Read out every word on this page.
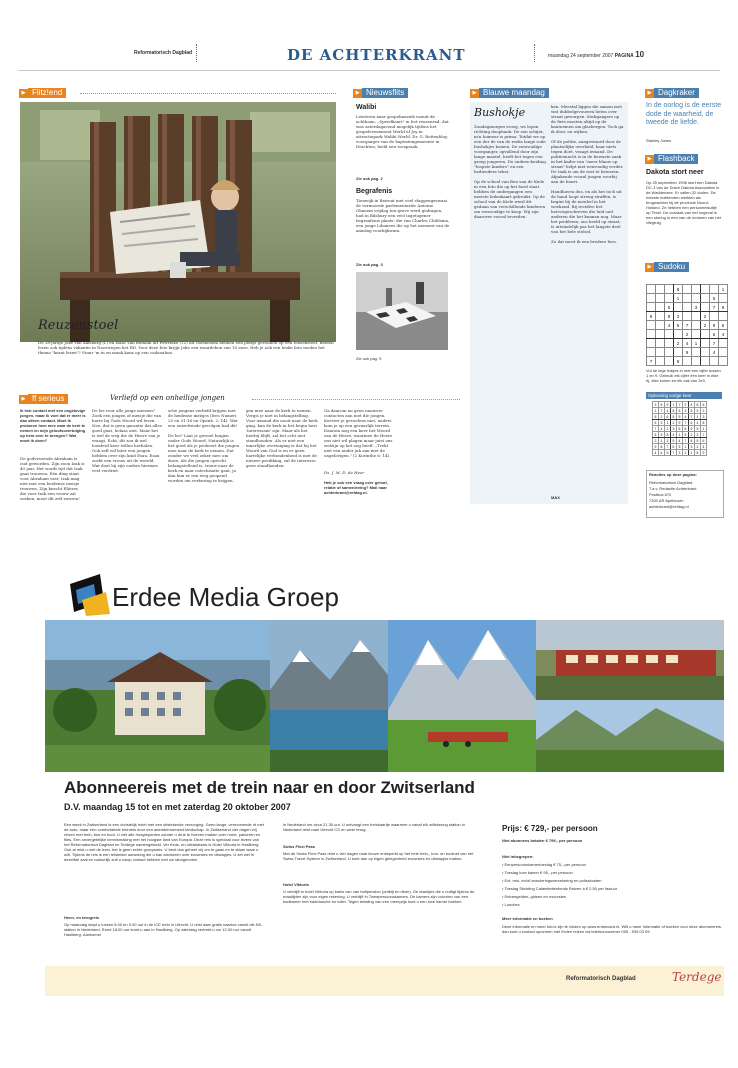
Reformatorisch Dagblad	DE ACHTERKRANT	maandag 24 september 2007 PAGINA 10
▶ Flitz!end
Reuzenstoel
De 18-jarige Joke van Aalsburg (l.) en Isaac van Beinum uit Petrrieke (12) uit Gorinchem hebben een plekje gevonden op een reusenstoel. Beiden lezen ook tijdens vakantie in Noorwegen het RD. Voor deze foto krijgt Joke een waardebon van 10 euro. Heb je ook een leuke foto moden het thema "krant lezen"? Stuur 'm in en maak kans op een cadeaubon.
▶ Nieuwsflits
Walibi
Leisteren naar gospelmuziek vanuit de achtbaan. „Speedkaart" in het reuzenrad, dat was zaterdagavond mogelijk tijdens het gospelevenement World of Joy in attractiepark Walibi World. Dr. G. Bottenblay, voorganger van de baptistengemeente in Drachten, hield een toespraak.
Zie ook pag. 2
Begrafenis
Tienwijk in Beirout met veel vlaggengeswaai de vermoorde parlementariër Antoine Ghanem vrijdag ten grave werd gedragen, had in Bilsbury een veel ingetogener begraafenis plaats: die van Charles Childsina, een jonge Libanees die op het moment van de aanslag voorbijkwam.
Zie ook pag. 3
Zie ook pag. 9
▶ Blauwe maandag
Bushokje
Zondagmorgen vroeg, we lopen richting doopbank. De zon schijnt, m'n humeur is prima. Totdat we op een der de van de reeks lange rode bushokjes komen. De eenvoudige voorganger, opvallend door zijn lange mantel, heeft het tegen een groep jongeren. De onderscheiding "loopste kinders" en een bediendere tekst.

Op de school van Ben van de Kiele in een foto die op het bord staat hebben de ondergangen een meeste ledenkaart gebruikt. Op de school van de Kiele werd dit gedaan van verschillende kinderen om eenvoudige te koop. Wij zijn daarover vooral tevreden.
ken. Meestal liggen die samen met wat dubbelgevouwen lieten over straat geworpen. Kerkgangers op de fiets moeten altijd op de kantnemen om glasbergen. Toch ga ik door, en wijken.

Of de politie, aangestuurd door de plaatselijke overheid, haar niets tegen doet, vraagt iemand. De politiemacht is in de bewuste zaak in het kader van "meer blauw op straat" helpt niet eenvoudig verder. De taak is om de rust te bewaren. Afpakende vooral jongen voorbij aan de buurt.

Handhaven dus, en als het toch uit de hand loopt streng straffen, is begint bij de meubel in het weekend. Bij recidive het hervorgeschreven die luid oud anderen die het kunnen nog. Maar het probleem, ons beeld op straat, is uiteindelijk pas het langste deel van het hele stelsel.

Zo dat moet ik een bredere lees.
MAX
▶ Dagkraker
In de oorlog is de eerste dode de waarheid, de tweede de liefde.
Stanley Jones
▶ Flashback
Dakota stort neer
Op 25 september 1996 stort een Dakota DC-3 van de Dutch Dakota Association in de Waddenzee. Er vallen 32 doden. De meeste inzittenden werkten als brugwachter bij de provincie Noord-Holland. Ze hebben een personeelsuitje op Texel. De oorzaak van het ongeval is een storing in een van de motoren van het vliegtuig.
▶ Sudoku
			8					1
			1				5	
		5			3		7	9
9		8	3			2		
		4	5	7		2	9	6
				2			6	4
			2	4	1		7	
				9			4	
7			8					
Vul de lege hokjes in met een cijfer tussen 1 en 9. Gebruik elk cijfer één keer in elke rij, elke kolom en elk vak van 3x3.
Oplossing vorige keer
3	5	9	1	7	2	4	8	6
1	7	4	8	6	3	5	9	2
8	2	6	5	9	4	7	1	3
5	3	1	2	9	7	6	4	8
7	4	2	3	6	8	9	5	1
6	9	8	4	1	5	2	3	7
2	1	3	9	4	7	8	5	6
9	8	7	6	5	1	3	2	4
4	6	5	7	3	2	1	8	9
Reacties op deze pagina:
Reformatorisch Dagblad
T.a.v. Redactie Achterkrant
Postbus 670
7300 AR Apeldoorn
achterkrant@refdag.nl
▶ ff serieus	Verliefd op een onheilige jongen
Ik heb contact met een ongelovige jongen, maar ik voel dat er meer is dan alleen contact. Moet ik proberen hem mee naar de kerk te nemen en mijn geloofsovertuiging op hem over te brengen? Wat moet ik doen?
De godvrezende Abraham is oud geworden. Zijn zoon Izak is 40 jaar. Het wordt tijd dat Izak gaat trouwen. Eén ding staat voor Abraham vast: Izak mag niet met een heidense meisje trouwen. Zijn knecht Eliëzer, die voor Izak een vrouw zal zoeken, moet dit zelf zweren!
De les voor alle jonge mensen? Zoek een jongen of meisje die van harte bij Gods Woord wil leven. Nee, dat is geen garantie dat alles goed gaat, helaas niet. Maar het is wel de weg die de Heere van je vraagt. Echt, dit zou ik wel honderd keer willen herhalen. Ook zelf wil later een jongen hebben over zijn kind Esau. Esau zoekt een vrouw uit de wereld. Wat doet hij zijn ouders hiermee veel verdriet.
sche jongens verliefd krijgen met de heidense meisjes (lees Numeri 25 en 31:16 en Openb. 2: 14). Wat een ontzettende gevolgen had dit!

De les? Laat je gewoel buigen onder Gods Woord. Natuurlijk is het goed als je probeert die jongen mee naar de kerk te nemen. Dat zonder we veel zeker mee om doen. Als die jongen oprecht belangstellend is, trouw naar de kerk en naar catechisatie gaat, ja dan kun er een weg geopend worden om verkering te krijgen.
gen mee naar de kerk te nemen. Vergis je niet in belangstelling. Voor iemand die nooit naar de kerk ging, kan de kerk in het begin best 'interessant' zijn. Maar als het hierbij blijft, zal het echt niet standhouden. Als er niet een innerlijke overtuiging is dat hij het Woord van God is en er geen hartelijke verbondenheid is met de nieuwe prediking, zal de interesse geen standhouden.
Ga daarom nu geen nauwere contacten aan met die jongen. Koester je gevoelens niet, anders kom je op een gevaarlijk terrein. Daarom nog een keer het Woord van de Heere, waarmee de Heere ons niet wil plagen maar juist ons welzijn op het oog heeft: „Trekt niet een ander juk aan met de ongelovigen." (2 Korinthe 6: 14).
Ds. J. M. D. de Heer
Heb je ook een vraag over geloof, relatie of samenleving? Mail naar achterkrant@refdag.nl.
Erdee Media Groep
Abonneereis met de trein naar en door Zwitserland
D.V. maandag 15 tot en met zaterdag 20 oktober 2007
Een week in Zwitserland is een christelijk hotel met een uitstekende verzorging. Geen lange, vermoeiende rit met de auto, maar een comfortabele treinreis door een ademberoemend landschap. In Zwitserland vier dagen vrij reizen met trein, bus en boot. U ziet alle hoogtepunten zonder u druk te hoeven maken over route, parkeren en files. Een onvergetelijke kennismaking met het hoogste land van Europa. Deze reis is speciaal voor lezers van het Reformatorisch Dagblad en Terdege samengesteld. Ver thuis- en uitvalsbasis is Hotel Viktoria in Hasliberg. Ook al reist u met de trein, het is geen echte groepsreis. U bent dus geheel vrij om te gaan en te staan waar u wilt. Tijdens de reis is een reisleider aanwezig die u kan adviseren over excursies en uitstapjes. U zet wel in dezelfde zaal en natuurlijk zult u volop contact hebben met uw landgenoten.
Heen- en terugreis
Op maandag stapt u tussen 8.00 en 9.00 uur in de ICE trein in Utrecht. U reist daar gratis naartoe vanuit elk NS-station in Nederland. Rond 18.00 uur komt u aan in Hasliberg. Op zaterdag vertrekt u om 12.00 uur vanuit Hasliberg. Aankomst
in Nederland om circa 21.30 uur. U ontvangt een treinkaartje waarmee u vanaf elk willekeurig station in Nederland reist naar Utrecht CS en weer terug.
Swiss Flexi Pass
Met de Swiss Flexi Pass reist u vier dagen naar keuze onbeperkt op het hele trein-, bus- en bootnet van het Swiss Travel System in Zwitserland. U kunt dan op eigen gelegenheid excursies en uitstapjes maken.
Hotel Viktoria
U verblijft in hotel Viktoria op basis van van halfpension (ontbijt en diner). De drankjes die u nuttigt tijdens de maaltijden zijn voor eigen rekening. U verblijft in Tweepersoonskamers. De kamers zijn voorzien van een badkamer met bad/douche en toilet. Tegen betaling van een meerprijs kunt u een luxe kamer boeken.
Prijs: € 729,- per persoon
Niet abonnees betalen € 799,- per persoon
Niet inbegrepen:
• Eenpersoonskamertoeslag € 75,- per persoon
• Toeslag luxe kamer € 95,- per persoon
• Evt. reis- en/of annuleringsverzekering en polisskosten
• Toeslag Stichting Calamiteitenfonds Reizen à € 2,50 per factuur
• Entreegelden, gidsen en excursies
• Lunches
Meer informatie en boeken
Deze informatie en meer foto's zijn te vinden op www.erdeecard.nl. Wilt u meer informatie of boeken voor deze abonneereis, dan kunt u contact opnemen met Erdee reizen via telefoonnummer 055 - 539 03 09.
Reformatorisch Dagblad	Terdege
